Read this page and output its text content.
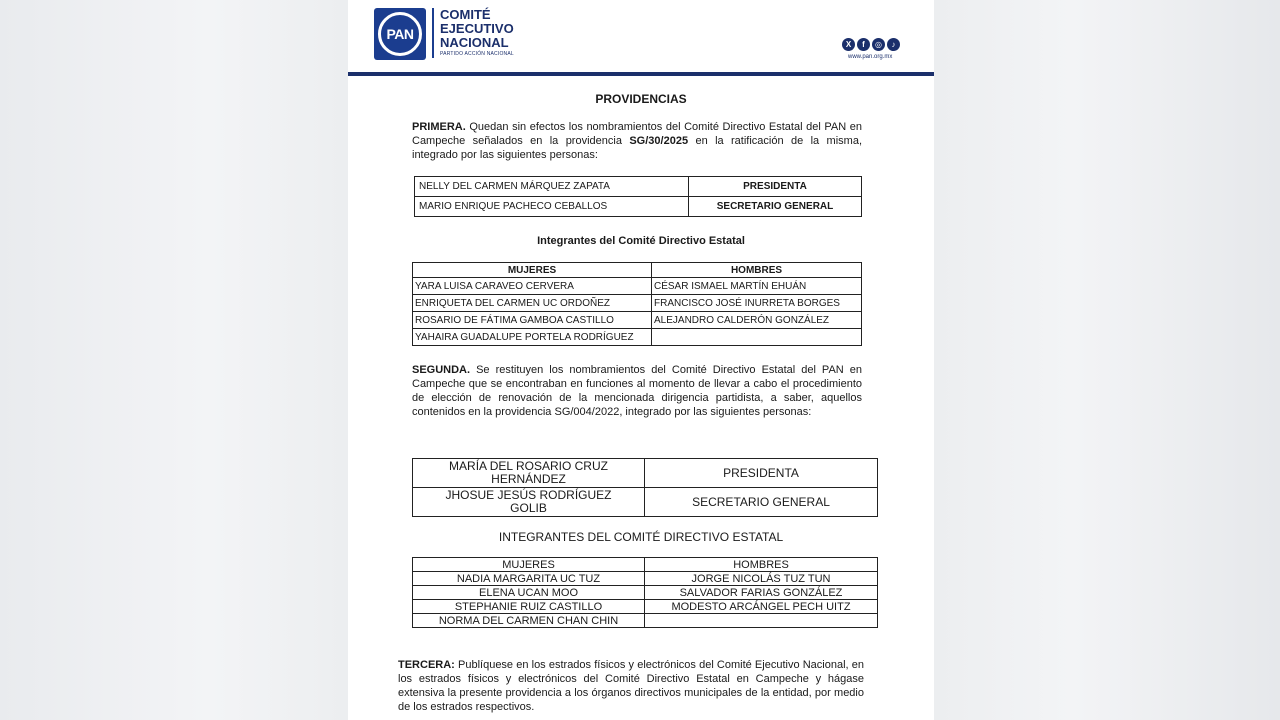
PAN
COMITÉ
EJECUTIVO
NACIONAL
PARTIDO ACCIÓN NACIONAL
X	f	◎	♪
www.pan.org.mx
PROVIDENCIAS

PRIMERA. Quedan sin efectos los nombramientos del Comité Directivo Estatal del PAN en Campeche señalados en la providencia SG/30/2025 en la ratificación de la misma, integrado por las siguientes personas:

NELLY DEL CARMEN MÁRQUEZ ZAPATA	PRESIDENTA
MARIO ENRIQUE PACHECO CEBALLOS	SECRETARIO GENERAL
Integrantes del Comité Directivo Estatal
MUJERES	HOMBRES
YARA LUISA CARAVEO CERVERA	CÉSAR ISMAEL MARTÍN EHUÁN
ENRIQUETA DEL CARMEN UC ORDOÑEZ	FRANCISCO JOSÉ INURRETA BORGES
ROSARIO DE FÁTIMA GAMBOA CASTILLO	ALEJANDRO CALDERÓN GONZÁLEZ
YAHAIRA GUADALUPE PORTELA RODRÍGUEZ	

SEGUNDA. Se restituyen los nombramientos del Comité Directivo Estatal del PAN en Campeche que se encontraban en funciones al momento de llevar a cabo el procedimiento de elección de renovación de la mencionada dirigencia partidista, a saber, aquellos contenidos en la providencia SG/004/2022, integrado por las siguientes personas:

MARÍA DEL ROSARIO CRUZ
HERNÁNDEZ	PRESIDENTA

JHOSUE JESÚS RODRÍGUEZ
GOLIB	SECRETARIO GENERAL
INTEGRANTES DEL COMITÉ DIRECTIVO ESTATAL
MUJERES	HOMBRES
NADIA MARGARITA UC TUZ	JORGE NICOLÁS TUZ TUN
ELENA UCAN MOO	SALVADOR FARIAS GONZÁLEZ
STEPHANIE RUIZ CASTILLO	MODESTO ARCÁNGEL PECH UITZ
NORMA DEL CARMEN CHAN CHIN	

TERCERA: Publíquese en los estrados físicos y electrónicos del Comité Ejecutivo Nacional, en los estrados físicos y electrónicos del Comité Directivo Estatal en Campeche y hágase extensiva la presente providencia a los órganos directivos municipales de la entidad, por medio de los estrados respectivos.
